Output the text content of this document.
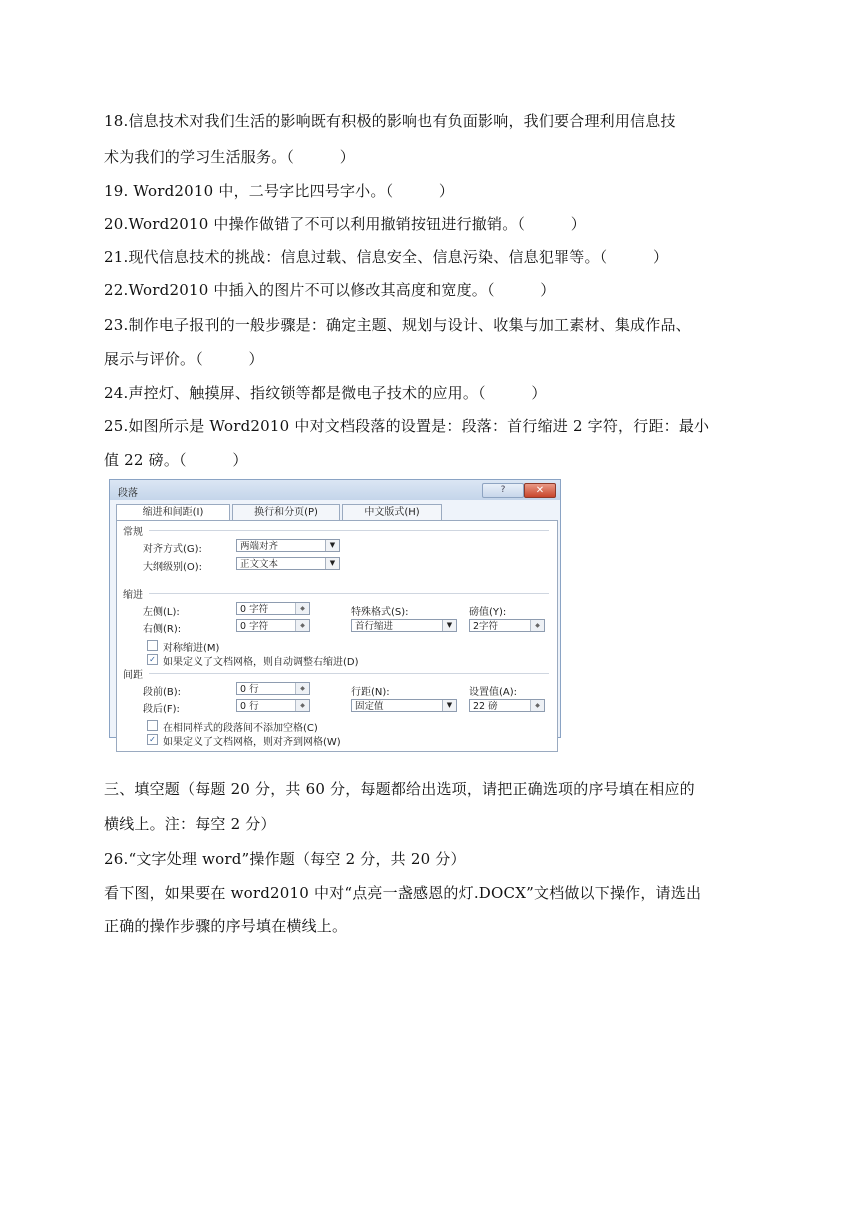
18.信息技术对我们生活的影响既有积极的影响也有负面影响，我们要合理利用信息技
术为我们的学习生活服务。（　　　）
19. Word2010 中，二号字比四号字小。（　　　）
20.Word2010 中操作做错了不可以利用撤销按钮进行撤销。（　　　）
21.现代信息技术的挑战：信息过载、信息安全、信息污染、信息犯罪等。（　　　）
22.Word2010 中插入的图片不可以修改其高度和宽度。（　　　）
23.制作电子报刊的一般步骤是：确定主题、规划与设计、收集与加工素材、集成作品、
展示与评价。（　　　）
24.声控灯、触摸屏、指纹锁等都是微电子技术的应用。（　　　）
25.如图所示是 Word2010 中对文档段落的设置是：段落：首行缩进 2 字符，行距：最小
值 22 磅。（　　　）
段落	?	✕
缩进和间距(I)	换行和分页(P)	中文版式(H)
常规
对齐方式(G):	两端对齐	▼
大纲级别(O):	正文文本	▼
缩进
左侧(L):	0 字符	◆
右侧(R):	0 字符	◆
特殊格式(S):
首行缩进	▼
磅值(Y):
2字符	◆
对称缩进(M)
✓ 如果定义了文档网格，则自动调整右缩进(D)
间距
段前(B):	0 行	◆
段后(F):	0 行	◆
行距(N):
固定值	▼
设置值(A):
22 磅	◆
在相同样式的段落间不添加空格(C)
✓ 如果定义了文档网格，则对齐到网格(W)
三、填空题（每题 20 分，共 60 分，每题都给出选项，请把正确选项的序号填在相应的
横线上。注：每空 2 分）
26.“文字处理 word”操作题（每空 2 分，共 20 分）
看下图，如果要在 word2010 中对“点亮一盏感恩的灯.DOCX”文档做以下操作，请选出
正确的操作步骤的序号填在横线上。
